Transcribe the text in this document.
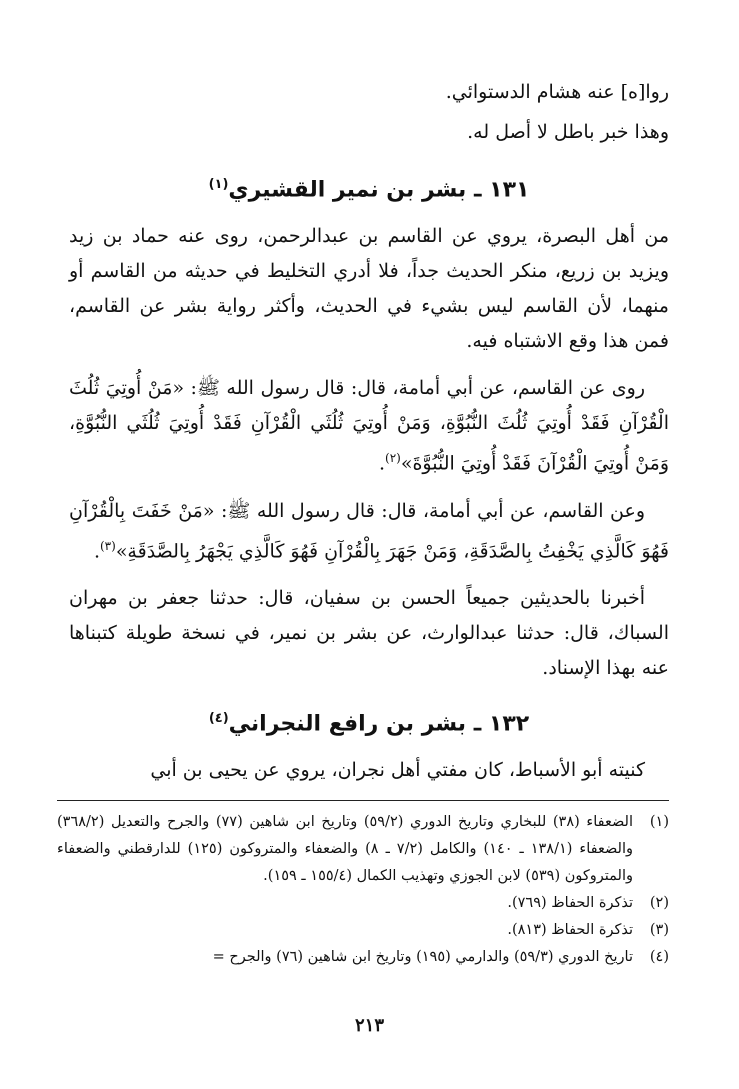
روا[ه] عنه هشام الدستوائي.

وهذا خبر باطل لا أصل له.

١٣١ ـ بشر بن نمير القشيري$^{(١)}$

من أهل البصرة، يروي عن القاسم بن عبدالرحمن، روى عنه حماد بن زيد ويزيد بن زريع، منكر الحديث جداً، فلا أدري التخليط في حديثه من القاسم أو منهما، لأن القاسم ليس بشيء في الحديث، وأكثر رواية بشر عن القاسم، فمن هذا وقع الاشتباه فيه.

روى عن القاسم، عن أبي أمامة، قال: قال رسول الله ﷺ: «مَنْ أُوتِيَ ثُلُثَ الْقُرْآنِ فَقَدْ أُوتِيَ ثُلُثَ النُّبُوَّةِ، وَمَنْ أُوتِيَ ثُلُثَي الْقُرْآنِ فَقَدْ أُوتِيَ ثُلُثَي النُّبُوَّةِ، وَمَنْ أُوتِيَ الْقُرْآنَ فَقَدْ أُوتِيَ النُّبُوَّةَ»$^{(٢)}$.

وعن القاسم، عن أبي أمامة، قال: قال رسول الله ﷺ: «مَنْ خَفَتَ بِالْقُرْآنِ فَهُوَ كَالَّذِي يَخْفِتُ بِالصَّدَقَةِ، وَمَنْ جَهَرَ بِالْقُرْآنِ فَهُوَ كَالَّذِي يَجْهَرُ بِالصَّدَقَةِ»$^{(٣)}$.

أخبرنا بالحديثين جميعاً الحسن بن سفيان، قال: حدثنا جعفر بن مهران السباك، قال: حدثنا عبدالوارث، عن بشر بن نمير، في نسخة طويلة كتبناها عنه بهذا الإسناد.

١٣٢ ـ بشر بن رافع النجراني$^{(٤)}$

كنيته أبو الأسباط، كان مفتي أهل نجران، يروي عن يحيى بن أبي

(١)
الضعفاء (٣٨) للبخاري وتاريخ الدوري (٥٩/٢) وتاريخ ابن شاهين (٧٧) والجرح والتعديل (٣٦٨/٢) والضعفاء (١٣٨/١ ـ ١٤٠) والكامل (٧/٢ ـ ٨) والضعفاء والمتروكون (١٢٥) للدارقطني والضعفاء والمتروكون (٥٣٩) لابن الجوزي وتهذيب الكمال (١٥٥/٤ ـ ١٥٩).
(٢)
تذكرة الحفاظ (٧٦٩).
(٣)
تذكرة الحفاظ (٨١٣).
(٤)
تاريخ الدوري (٥٩/٣) والدارمي (١٩٥) وتاريخ ابن شاهين (٧٦) والجرح =
٢١٣
